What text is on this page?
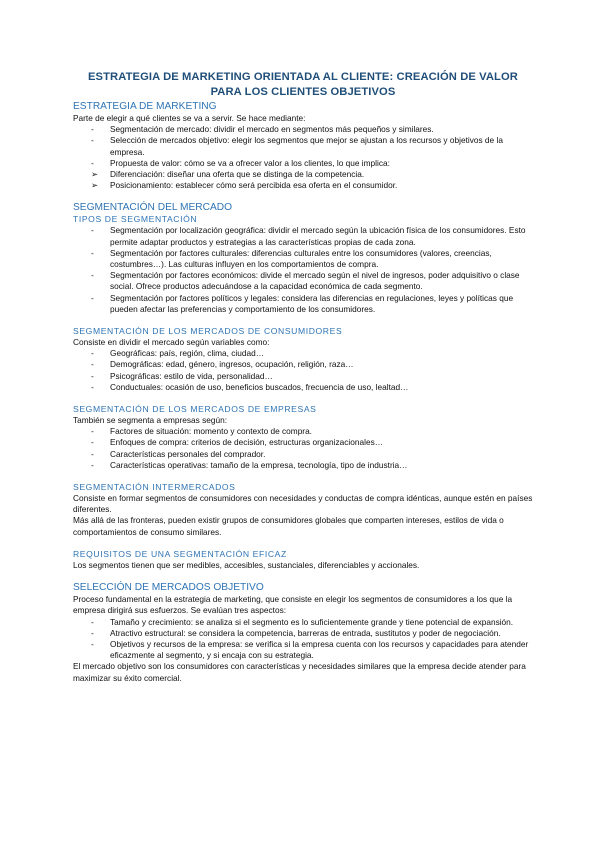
ESTRATEGIA DE MARKETING ORIENTADA AL CLIENTE: CREACIÓN DE VALOR PARA LOS CLIENTES OBJETIVOS
ESTRATEGIA DE MARKETING
Parte de elegir a qué clientes se va a servir. Se hace mediante:
-	Segmentación de mercado: dividir el mercado en segmentos más pequeños y similares.
-	Selección de mercados objetivo: elegir los segmentos que mejor se ajustan a los recursos y objetivos de la empresa.
-	Propuesta de valor: cómo se va a ofrecer valor a los clientes, lo que implica:
➢	Diferenciación: diseñar una oferta que se distinga de la competencia.
➢	Posicionamiento: establecer cómo será percibida esa oferta en el consumidor.
SEGMENTACIÓN DEL MERCADO
TIPOS DE SEGMENTACIÓN
-	Segmentación por localización geográfica: dividir el mercado según la ubicación física de los consumidores. Esto permite adaptar productos y estrategias a las características propias de cada zona.
-	Segmentación por factores culturales: diferencias culturales entre los consumidores (valores, creencias, costumbres…). Las culturas influyen en los comportamientos de compra.
-	Segmentación por factores económicos: divide el mercado según el nivel de ingresos, poder adquisitivo o clase social. Ofrece productos adecuándose a la capacidad económica de cada segmento.
-	Segmentación por factores políticos y legales: considera las diferencias en regulaciones, leyes y políticas que pueden afectar las preferencias y comportamiento de los consumidores.
SEGMENTACIÓN DE LOS MERCADOS DE CONSUMIDORES
Consiste en dividir el mercado según variables como:
-	Geográficas: país, región, clima, ciudad…
-	Demográficas: edad, género, ingresos, ocupación, religión, raza…
-	Psicográficas: estilo de vida, personalidad…
-	Conductuales: ocasión de uso, beneficios buscados, frecuencia de uso, lealtad…
SEGMENTACIÓN DE LOS MERCADOS DE EMPRESAS
También se segmenta a empresas según:
-	Factores de situación: momento y contexto de compra.
-	Enfoques de compra: criterios de decisión, estructuras organizacionales…
-	Características personales del comprador.
-	Características operativas: tamaño de la empresa, tecnología, tipo de industria…
SEGMENTACIÓN INTERMERCADOS
Consiste en formar segmentos de consumidores con necesidades y conductas de compra idénticas, aunque estén en países diferentes.
Más allá de las fronteras, pueden existir grupos de consumidores globales que comparten intereses, estilos de vida o comportamientos de consumo similares.
REQUISITOS DE UNA SEGMENTACIÓN EFICAZ
Los segmentos tienen que ser medibles, accesibles, sustanciales, diferenciables y accionales.
SELECCIÓN DE MERCADOS OBJETIVO
Proceso fundamental en la estrategia de marketing, que consiste en elegir los segmentos de consumidores a los que la empresa dirigirá sus esfuerzos. Se evalúan tres aspectos:
-	Tamaño y crecimiento: se analiza si el segmento es lo suficientemente grande y tiene potencial de expansión.
-	Atractivo estructural: se considera la competencia, barreras de entrada, sustitutos y poder de negociación.
-	Objetivos y recursos de la empresa: se verifica si la empresa cuenta con los recursos y capacidades para atender eficazmente al segmento, y si encaja con su estrategia.
El mercado objetivo son los consumidores con características y necesidades similares que la empresa decide atender para maximizar su éxito comercial.
